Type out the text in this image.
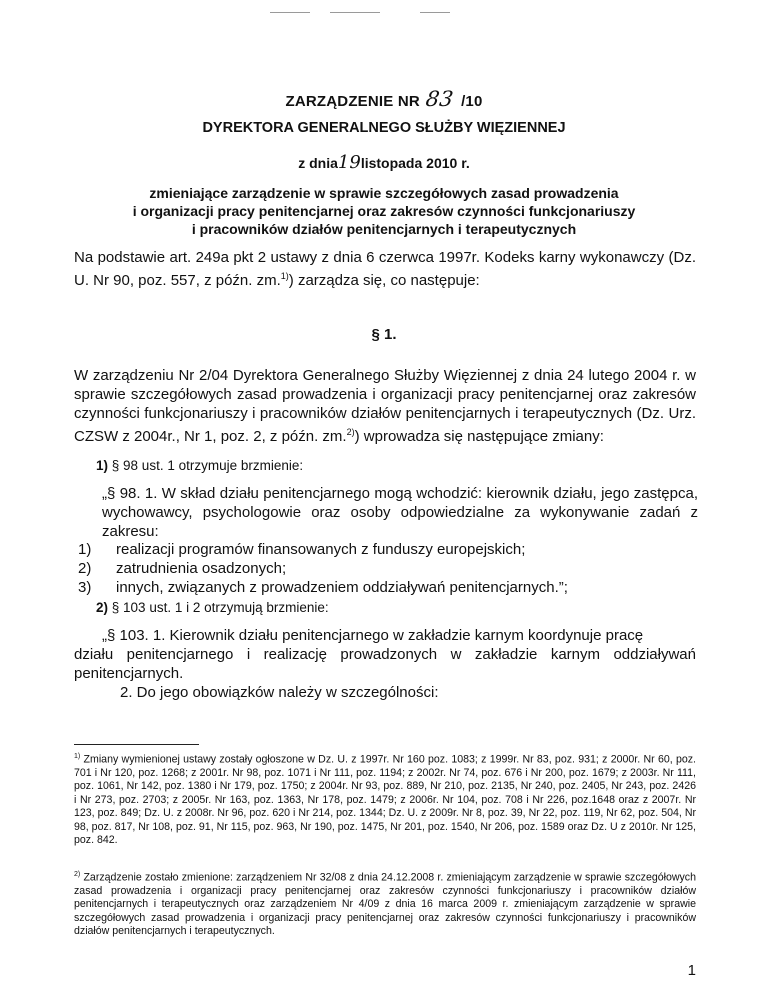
ZARZĄDZENIE NR 83 /10
DYREKTORA GENERALNEGO SŁUŻBY WIĘZIENNEJ
z dnia19listopada 2010 r.
zmieniające zarządzenie w sprawie szczegółowych zasad prowadzenia
i organizacji pracy penitencjarnej oraz zakresów czynności funkcjonariuszy
i pracowników działów penitencjarnych i terapeutycznych
Na podstawie art. 249a pkt 2 ustawy z dnia 6 czerwca 1997r. Kodeks karny wykonawczy (Dz. U. Nr 90, poz. 557, z późn. zm.$^{1)}$) zarządza się, co następuje:
§ 1.
W zarządzeniu Nr 2/04 Dyrektora Generalnego Służby Więziennej z dnia 24 lutego 2004 r. w sprawie szczegółowych zasad prowadzenia i organizacji pracy penitencjarnej oraz zakresów czynności funkcjonariuszy i pracowników działów penitencjarnych i terapeutycznych (Dz. Urz. CZSW z 2004r., Nr 1, poz. 2, z późn. zm.$^{2)}$) wprowadza się następujące zmiany:
1) § 98 ust. 1 otrzymuje brzmienie:
„§ 98. 1. W skład działu penitencjarnego mogą wchodzić: kierownik działu, jego zastępca, wychowawcy, psychologowie oraz osoby odpowiedzialne za wykonywanie zadań z zakresu:
1) realizacji programów finansowanych z funduszy europejskich;
2) zatrudnienia osadzonych;
3) innych, związanych z prowadzeniem oddziaływań penitencjarnych.”;
2) § 103 ust. 1 i 2 otrzymują brzmienie:
„§ 103. 1. Kierownik działu penitencjarnego w zakładzie karnym koordynuje pracę
działu penitencjarnego i realizację prowadzonych w zakładzie karnym oddziaływań penitencjarnych.
2. Do jego obowiązków należy w szczególności:
$^{1)}$ Zmiany wymienionej ustawy zostały ogłoszone w Dz. U. z 1997r. Nr 160 poz. 1083; z 1999r. Nr 83, poz. 931; z 2000r. Nr 60, poz. 701 i Nr 120, poz. 1268; z 2001r. Nr 98, poz. 1071 i Nr 111, poz. 1194; z 2002r. Nr 74, poz. 676 i Nr 200, poz. 1679; z 2003r. Nr 111, poz. 1061, Nr 142, poz. 1380 i Nr 179, poz. 1750; z 2004r. Nr 93, poz. 889, Nr 210, poz. 2135, Nr 240, poz. 2405, Nr 243, poz. 2426 i Nr 273, poz. 2703; z 2005r. Nr 163, poz. 1363, Nr 178, poz. 1479; z 2006r. Nr 104, poz. 708 i Nr 226, poz.1648 oraz z 2007r. Nr 123, poz. 849; Dz. U. z 2008r. Nr 96, poz. 620 i Nr 214, poz. 1344; Dz. U. z 2009r. Nr 8, poz. 39, Nr 22, poz. 119, Nr 62, poz. 504, Nr 98, poz. 817, Nr 108, poz. 91, Nr 115, poz. 963, Nr 190, poz. 1475, Nr 201, poz. 1540, Nr 206, poz. 1589 oraz Dz. U z 2010r. Nr 125, poz. 842.
$^{2)}$ Zarządzenie zostało zmienione: zarządzeniem Nr 32/08 z dnia 24.12.2008 r. zmieniającym zarządzenie w sprawie szczegółowych zasad prowadzenia i organizacji pracy penitencjarnej oraz zakresów czynności funkcjonariuszy i pracowników działów penitencjarnych i terapeutycznych oraz zarządzeniem Nr 4/09 z dnia 16 marca 2009 r. zmieniającym zarządzenie w sprawie szczegółowych zasad prowadzenia i organizacji pracy penitencjarnej oraz zakresów czynności funkcjonariuszy i pracowników działów penitencjarnych i terapeutycznych.
1
